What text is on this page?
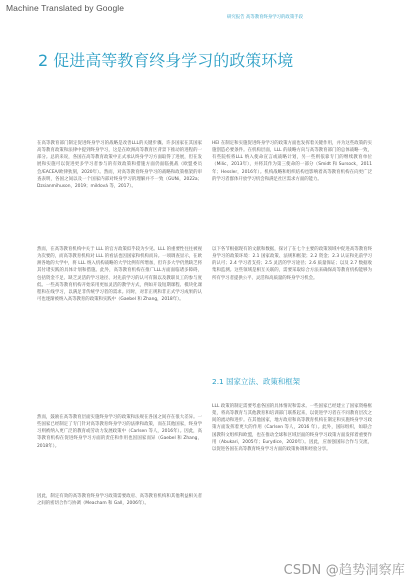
Machine Translated by Google
研究报告 高等教育终身学习的政策手段
2 促进高等教育终身学习的政策环境
在高等教育部门制定促进终身学习的战略是改善LLL的关键步骤。许多国家在其国家高等教育政策和法律中提到终身学习，这是在欧洲高等教育区背景下推动的进程的一部分。总的来说，各国在高等教育政策中正式承认终身学习方面取得了进展，但在发展和实施可以促进更多学习者参与的有效政策和措施方面仍面临挑战（欧盟委员会/EACEA/欧律狄刻，2020年）。然而，对高等教育终身学习的战略和政策框架的审查表明，各国之间以及一个国家内部对终身学习的理解并不一致（GUNi，2022a；Dzsianmihuson，2019；mildová 等，2017）。
HEI 在制定和实施促进终身学习的政策方面也发挥着关键作用，并为这些政策的实施创造必要条件。在机构层面，LLL 的战略方向与高等教育部门的总体战略一致，有些院校将LLL 纳入使命宣言或战略计划，另一些则依靠专门的继续教育单位（Milic，2013年），并将其作为第三使命的一部分（Smidt 和 Sursock，2011年；Hessler，2016年）。机构战略和组织结构也影响着高等教育机构在向更广泛的学习者群体开放学习机会和满足社区需求方面的能力。
然而，在高等教育机构中关于 LLL 的官方政策似乎较为少见。LLL 的重要性往往被视为次要的，而高等教育机构对 LLL 的看法也因国家和机构而异。一项调查显示，在欧洲各地的大学中，将 LLL 纳入机构战略的大学比例有所增加，但许多大学仍然缺乏将其付诸实践的具体计划和措施。此外，高等教育机构在推广LLL方面面临诸多障碍，包括资金不足、缺乏灵活的学习途径、对先前学习的认可有限以及教职员工的参与度低。一些高等教育机构开始采用更加灵活的教学方式，例如开设短期课程、模块化课程和在线学习，以满足非传统学习者的需求。同时，对非正规和非正式学习成果的认可也逐渐被纳入高等教育的政策和实践中（Gaebel 和 Zhang，2018年）。
以下各节根据现有的文献和数据，探讨了在七个主要的政策领域中促进高等教育终身学习的政策环境：2.1 国家政策、法规和框架；2.2 资金；2.3 认证和先前学习的认可；2.4 学习者支持；2.5 灵活的学习途径；2.6 质量保证；以及 2.7 数据收集和监测。这些领域是相互关联的，需要采取综合方法来确保高等教育机构能够为所有学习者提供公平、灵活和高质量的终身学习机会。
2.1 国家立法、政策和框架
然而，鼓励在高等教育层面实施终身学习的政策和法规在各国之间存在很大差异。一些国家已经制定了专门针对高等教育终身学习的法律和政策，而在其他国家，终身学习则被纳入更广泛的教育或劳动力发展政策中（Carlsen 等人，2016年）。因此，高等教育机构在促进终身学习方面的责任和作用也因国家而异（Gaebel 和 Zhang，2018年）。
LLL 政策的制定需要考虑各国的具体情况和需求。一些国家已经建立了国家资格框架，将高等教育与其他教育和培训部门联系起来，以促进学习者在不同教育层次之间的流动和进步。在其他国家，地方政府和高等教育机构在制定和实施终身学习政策方面发挥着更大的作用（Carlsen 等人，2016 年）。此外，国际组织，如联合国教科文组织和欧盟，也在推动全球和区域层面的终身学习政策方面发挥着重要作用（Abukari，2005年；Eurydice，2020年）。因此，应加强国际合作与交流，以促进各国在高等教育终身学习方面的政策协调和经验分享。
因此，制定有效的高等教育终身学习政策需要政府、高等教育机构和其他利益相关者之间的密切合作与协调（Meacham 和 Gall，2006年）。
CSDN @趋势洞察库
